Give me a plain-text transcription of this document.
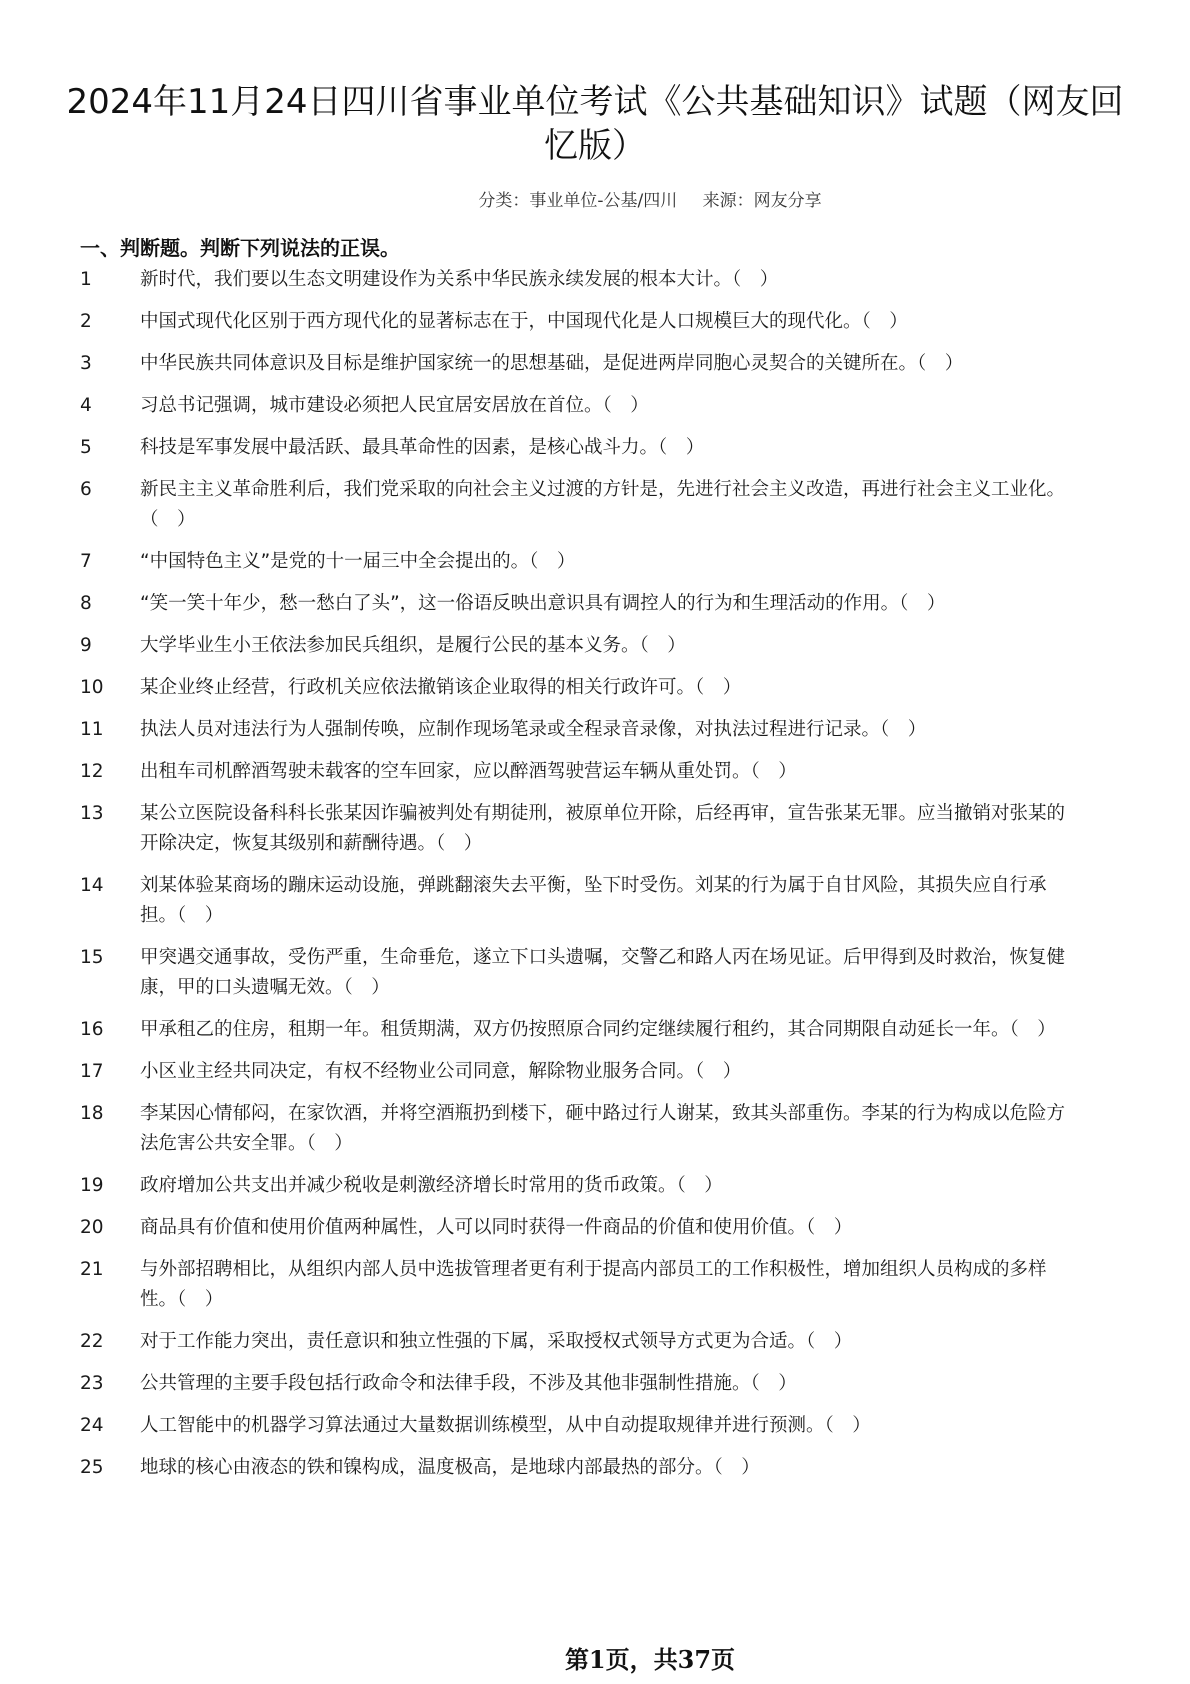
2024年11月24日四川省事业单位考试《公共基础知识》试题（网友回忆版）
分类：事业单位-公基/四川 来源：网友分享
一、判断题。判断下列说法的正误。
1	新时代，我们要以生态文明建设作为关系中华民族永续发展的根本大计。（　）
2	中国式现代化区别于西方现代化的显著标志在于，中国现代化是人口规模巨大的现代化。（　）
3	中华民族共同体意识及目标是维护国家统一的思想基础，是促进两岸同胞心灵契合的关键所在。（　）
4	习总书记强调，城市建设必须把人民宜居安居放在首位。（　）
5	科技是军事发展中最活跃、最具革命性的因素，是核心战斗力。（　）
6	新民主主义革命胜利后，我们党采取的向社会主义过渡的方针是，先进行社会主义改造，再进行社会主义工业化。（　）
7	“中国特色主义”是党的十一届三中全会提出的。（　）
8	“笑一笑十年少，愁一愁白了头”，这一俗语反映出意识具有调控人的行为和生理活动的作用。（　）
9	大学毕业生小王依法参加民兵组织，是履行公民的基本义务。（　）
10	某企业终止经营，行政机关应依法撤销该企业取得的相关行政许可。（　）
11	执法人员对违法行为人强制传唤，应制作现场笔录或全程录音录像，对执法过程进行记录。（　）
12	出租车司机醉酒驾驶未载客的空车回家，应以醉酒驾驶营运车辆从重处罚。（　）
13	某公立医院设备科科长张某因诈骗被判处有期徒刑，被原单位开除，后经再审，宣告张某无罪。应当撤销对张某的开除决定，恢复其级别和薪酬待遇。（　）
14	刘某体验某商场的蹦床运动设施，弹跳翻滚失去平衡，坠下时受伤。刘某的行为属于自甘风险，其损失应自行承担。（　）
15	甲突遇交通事故，受伤严重，生命垂危，遂立下口头遗嘱，交警乙和路人丙在场见证。后甲得到及时救治，恢复健康，甲的口头遗嘱无效。（　）
16	甲承租乙的住房，租期一年。租赁期满，双方仍按照原合同约定继续履行租约，其合同期限自动延长一年。（　）
17	小区业主经共同决定，有权不经物业公司同意，解除物业服务合同。（　）
18	李某因心情郁闷，在家饮酒，并将空酒瓶扔到楼下，砸中路过行人谢某，致其头部重伤。李某的行为构成以危险方法危害公共安全罪。（　）
19	政府增加公共支出并减少税收是刺激经济增长时常用的货币政策。（　）
20	商品具有价值和使用价值两种属性，人可以同时获得一件商品的价值和使用价值。（　）
21	与外部招聘相比，从组织内部人员中选拔管理者更有利于提高内部员工的工作积极性，增加组织人员构成的多样性。（　）
22	对于工作能力突出，责任意识和独立性强的下属，采取授权式领导方式更为合适。（　）
23	公共管理的主要手段包括行政命令和法律手段，不涉及其他非强制性措施。（　）
24	人工智能中的机器学习算法通过大量数据训练模型，从中自动提取规律并进行预测。（　）
25	地球的核心由液态的铁和镍构成，温度极高，是地球内部最热的部分。（　）
第1页，共37页
